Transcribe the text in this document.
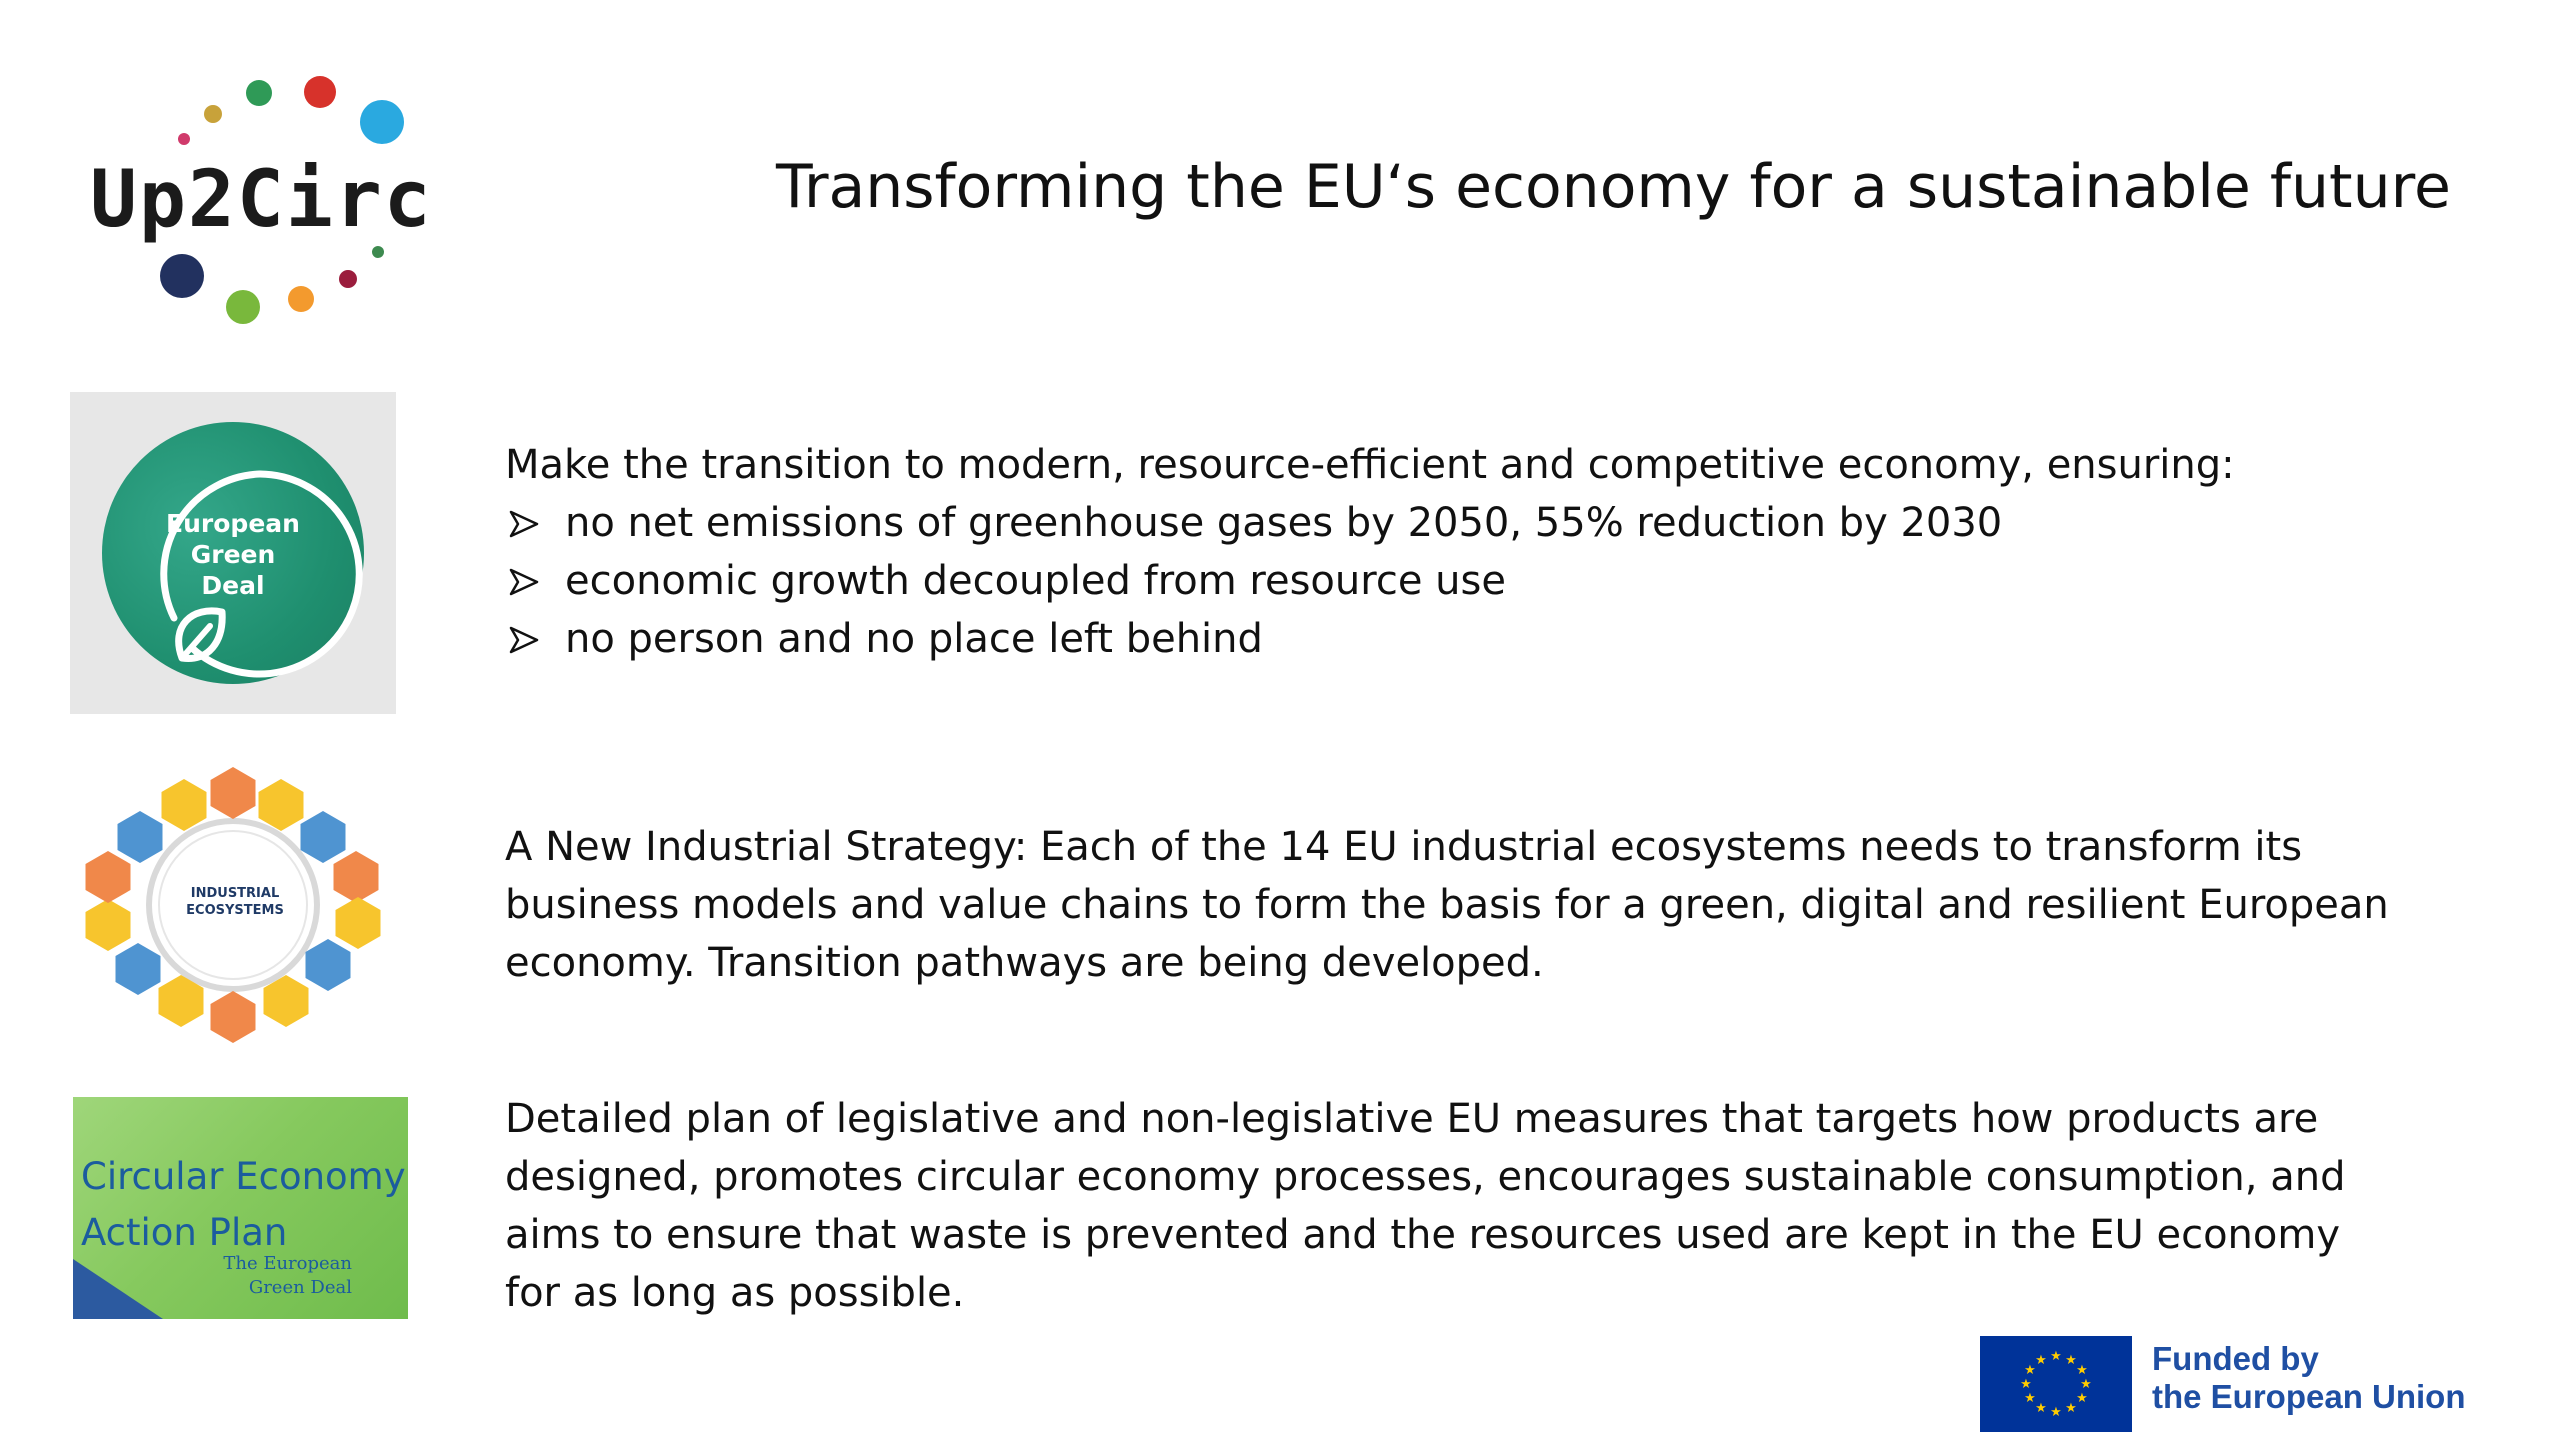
Up2Circ	Transforming the EU‘s economy for a sustainable future
European
Green
Deal

Make the transition to modern, resource-efficient and competitive economy, ensuring:

no net emissions of greenhouse gases by 2050, 55% reduction by 2030
economic growth decoupled from resource use
no person and no place left behind
INDUSTRIAL
ECOSYSTEMS

A New Industrial Strategy: Each of the 14 EU industrial ecosystems needs to transform its business models and value chains to form the basis for a green, digital and resilient European economy. Transition pathways are being developed.

Circular Economy
Action Plan
The European
Green Deal

Detailed plan of legislative and non-legislative EU measures that targets how products are designed, promotes circular economy processes, encourages sustainable consumption, and aims to ensure that waste is prevented and the resources used are kept in the EU economy for as long as possible.

★ ★
★
★
★
★
★
★
★
★
★
★	Funded by
the European Union
